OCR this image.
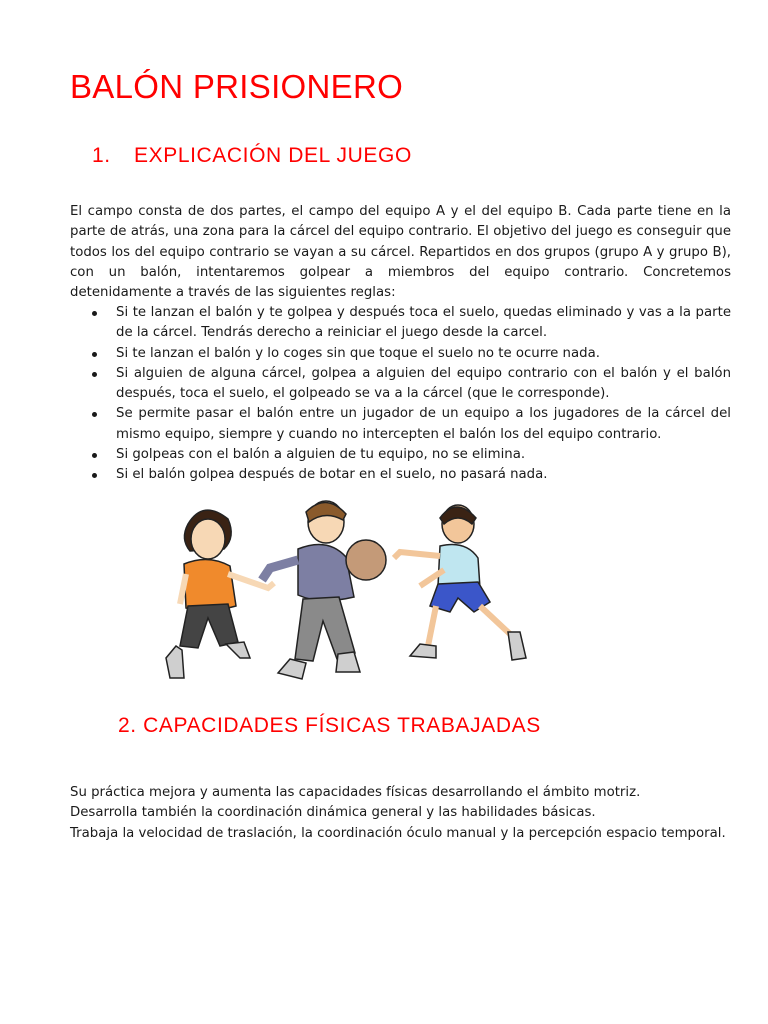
BALÓN PRISIONERO
1. EXPLICACIÓN DEL JUEGO

El campo consta de dos partes, el campo del equipo A y el del equipo B. Cada parte tiene en la parte de atrás, una zona para la cárcel del equipo contrario. El objetivo del juego es conseguir que todos los del equipo contrario se vayan a su cárcel. Repartidos en dos grupos (grupo A y grupo B), con un balón, intentaremos golpear a miembros del equipo contrario. Concretemos detenidamente a través de las siguientes reglas:

Si te lanzan el balón y te golpea y después toca el suelo, quedas eliminado y vas a la parte de la cárcel. Tendrás derecho a reiniciar el juego desde la carcel.
Si te lanzan el balón y lo coges sin que toque el suelo no te ocurre nada.
Si alguien de alguna cárcel, golpea a alguien del equipo contrario con el balón y el balón después, toca el suelo, el golpeado se va a la cárcel (que le corresponde).
Se permite pasar el balón entre un jugador de un equipo a los jugadores de la cárcel del mismo equipo, siempre y cuando no intercepten el balón los del equipo contrario.
Si golpeas con el balón a alguien de tu equipo, no se elimina.
Si el balón golpea después de botar en el suelo, no pasará nada.
2. CAPACIDADES FÍSICAS TRABAJADAS
Su práctica mejora y aumenta las capacidades físicas desarrollando el ámbito motriz.
Desarrolla también la coordinación dinámica general y las habilidades básicas.
Trabaja la velocidad de traslación, la coordinación óculo manual y la percepción espacio temporal.
